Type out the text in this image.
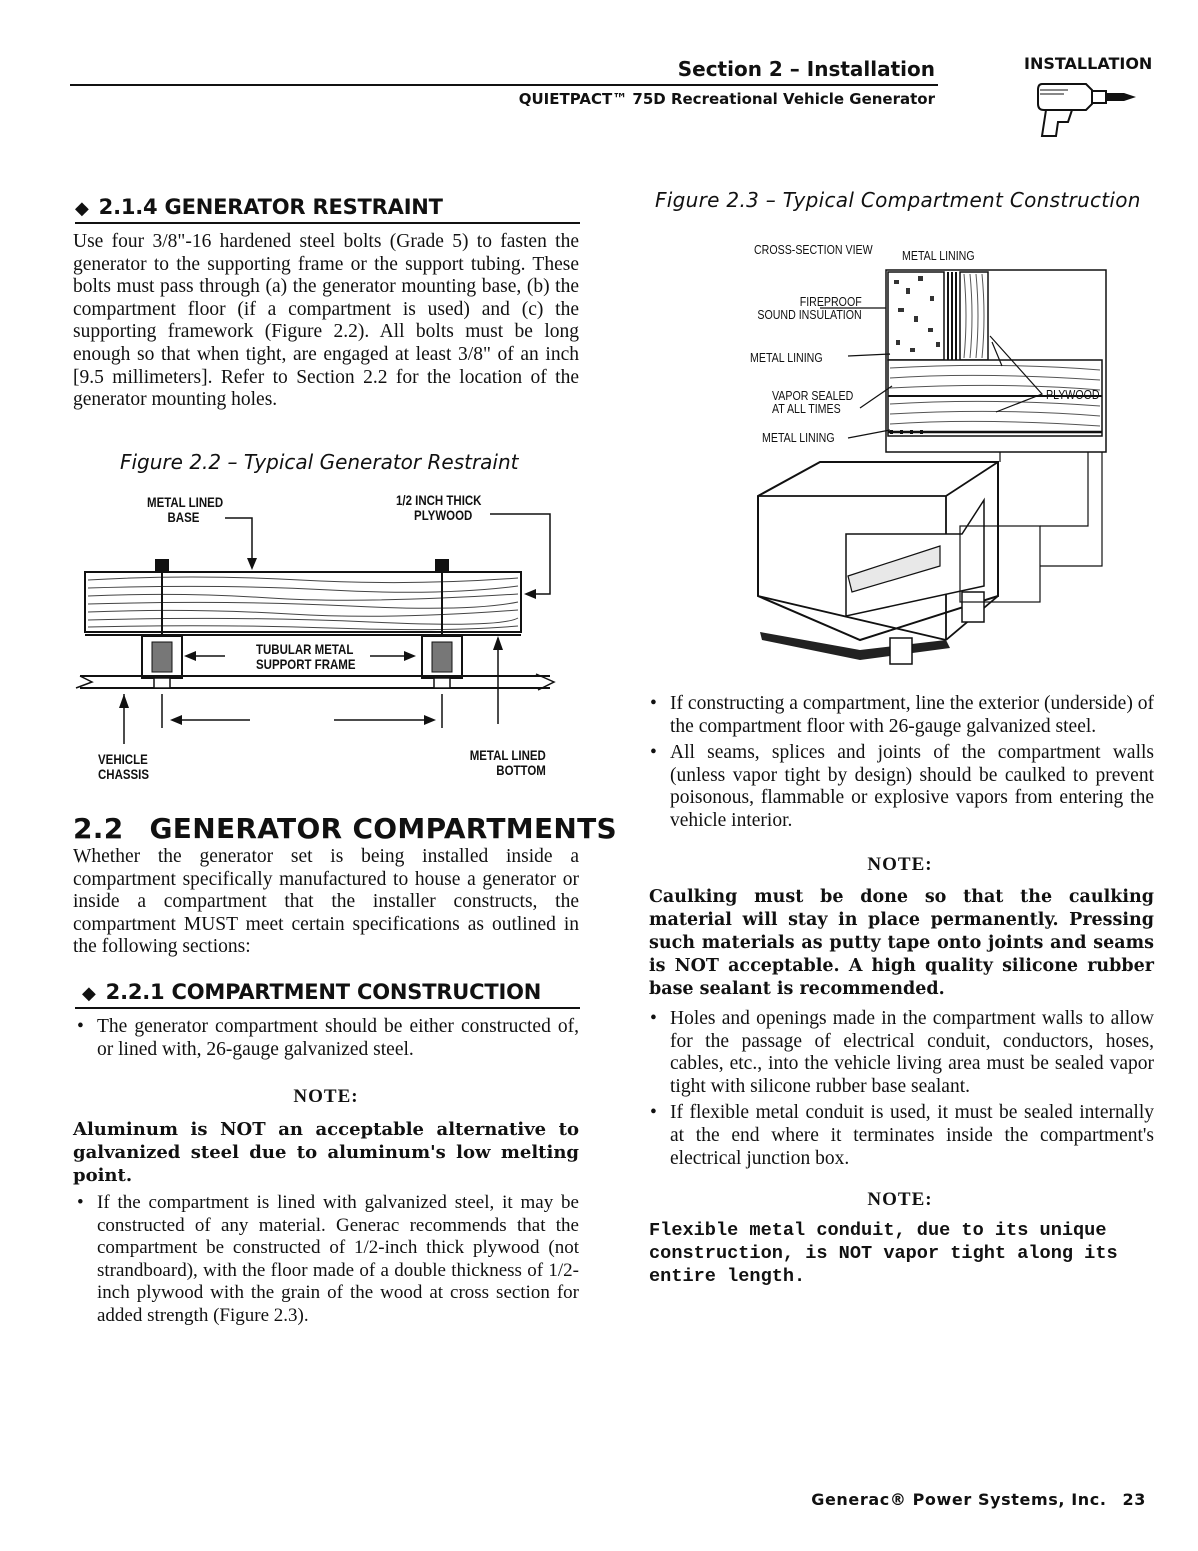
Section 2 – Installation
QUIETPACT™ 75D Recreational Vehicle Generator
INSTALLATION
◆ 2.1.4 GENERATOR RESTRAINT
Use four 3/8"-16 hardened steel bolts (Grade 5) to fasten the generator to the supporting frame or the support tubing. These bolts must pass through (a) the generator mounting base, (b) the compartment floor (if a compartment is used) and (c) the supporting framework (Figure 2.2). All bolts must be long enough so that when tight, are engaged at least 3/8" of an inch [9.5 millimeters]. Refer to Section 2.2 for the location of the generator mounting holes.
Figure 2.2 – Typical Generator Restraint
METAL LINED
BASE
1/2 INCH THICK
PLYWOOD
TUBULAR METAL
SUPPORT FRAME
VEHICLE
CHASSIS
METAL LINED
BOTTOM
2.2 GENERATOR COMPARTMENTS
Whether the generator set is being installed inside a compartment specifically manufactured to house a generator or inside a compartment that the installer constructs, the compartment MUST meet certain specifications as outlined in the following sections:
◆ 2.2.1 COMPARTMENT CONSTRUCTION
• The generator compartment should be either constructed of, or lined with, 26-gauge galvanized steel.
NOTE:
Aluminum is NOT an acceptable alternative to galvanized steel due to aluminum's low melting point.
• If the compartment is lined with galvanized steel, it may be constructed of any material. Generac recommends that the compartment be constructed of 1/2-inch thick plywood (not strandboard), with the floor made of a double thickness of 1/2-inch plywood with the grain of the wood at cross section for added strength (Figure 2.3).
Figure 2.3 – Typical Compartment Construction
CROSS-SECTION VIEW METAL LINING
FIREPROOF
SOUND INSULATION
METAL LINING
VAPOR SEALED
AT ALL TIMES
METAL LINING
PLYWOOD
• If constructing a compartment, line the exterior (underside) of the compartment floor with 26-gauge galvanized steel.
• All seams, splices and joints of the compartment walls (unless vapor tight by design) should be caulked to prevent poisonous, flammable or explosive vapors from entering the vehicle interior.
NOTE:
Caulking must be done so that the caulking material will stay in place permanently. Pressing such materials as putty tape onto joints and seams is NOT acceptable. A high quality silicone rubber base sealant is recommended.
• Holes and openings made in the compartment walls to allow for the passage of electrical conduit, conductors, hoses, cables, etc., into the vehicle living area must be sealed vapor tight with silicone rubber base sealant.
• If flexible metal conduit is used, it must be sealed internally at the end where it terminates inside the compartment's electrical junction box.
NOTE:
Flexible metal conduit, due to its unique construction, is NOT vapor tight along its entire length.
Generac® Power Systems, Inc. 23
